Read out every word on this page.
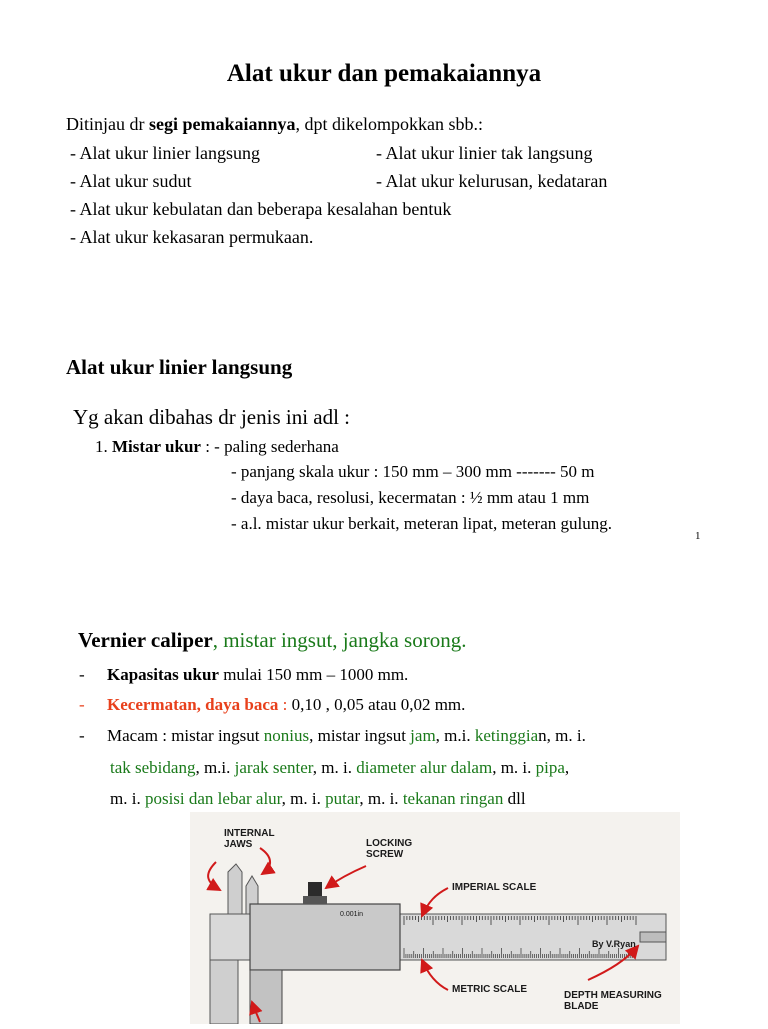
Alat ukur dan pemakaiannya
Ditinjau dr segi pemakaiannya, dpt dikelompokkan sbb.:
- Alat ukur linier langsung	- Alat ukur linier tak langsung
- Alat ukur sudut	- Alat ukur kelurusan, kedataran
- Alat ukur kebulatan dan beberapa kesalahan bentuk
- Alat ukur kekasaran permukaan.
Alat ukur linier langsung
Yg akan dibahas dr jenis ini adl :
1. Mistar ukur : - paling sederhana
- panjang skala ukur : 150 mm – 300 mm ------- 50 m
- daya baca, resolusi, kecermatan : ½ mm atau 1 mm
- a.l. mistar ukur berkait, meteran lipat, meteran gulung.
1
Vernier caliper, mistar ingsut, jangka sorong.
- Kapasitas ukur mulai 150 mm – 1000 mm.
- Kecermatan, daya baca : 0,10 , 0,05 atau 0,02 mm.
- Macam : mistar ingsut nonius, mistar ingsut jam, m.i. ketinggian, m. i.
tak sebidang, m.i. jarak senter, m. i. diameter alur dalam, m. i. pipa,
m. i. posisi dan lebar alur, m. i. putar, m. i. tekanan ringan dll
INTERNAL
JAWS	LOCKING
SCREW
IMPERIAL SCALE
METRIC SCALE
DEPTH MEASURING
BLADE
By V.Ryan
0.001in
